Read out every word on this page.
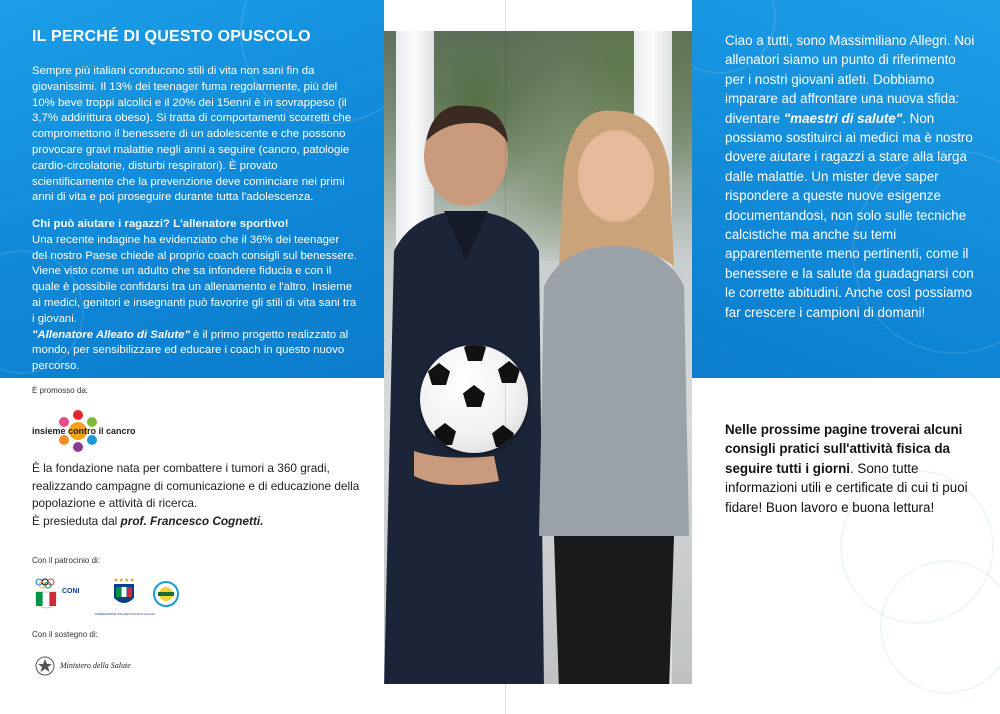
IL PERCHÉ DI QUESTO OPUSCOLO

Sempre più italiani conducono stili di vita non sani fin da giovanissimi. Il 13% dei teenager fuma regolarmente, più del 10% beve troppi alcolici e il 20% dei 15enni è in sovrappeso (il 3,7% addirittura obeso). Si tratta di comportamenti scorretti che compromettono il benessere di un adolescente e che possono provocare gravi malattie negli anni a seguire (cancro, patologie cardio-circolatorie, disturbi respiratori). È provato scientificamente che la prevenzione deve cominciare nei primi anni di vita e poi proseguire durante tutta l'adolescenza.

Chi può aiutare i ragazzi? L'allenatore sportivo!
Una recente indagine ha evidenziato che il 36% dei teenager del nostro Paese chiede al proprio coach consigli sul benessere. Viene visto come un adulto che sa infondere fiducia e con il quale è possibile confidarsi tra un allenamento e l'altro. Insieme ai medici, genitori e insegnanti può favorire gli stili di vita sani tra i giovani.
"Allenatore Alleato di Salute" è il primo progetto realizzato al mondo, per sensibilizzare ed educare i coach in questo nuovo percorso.

È promosso da:
insieme contro il cancro

È la fondazione nata per combattere i tumori a 360 gradi, realizzando campagne di comunicazione e di educazione della popolazione e attività di ricerca.
È presieduta dal prof. Francesco Cognetti.

Con il patrocinio di:
CONI
★★★★
FEDERAZIONE ITALIANA GIUOCO CALCIO
Con il sostegno di:
Ministero della Salute

Ciao a tutti, sono Massimiliano Allegri. Noi allenatori siamo un punto di riferimento per i nostri giovani atleti. Dobbiamo imparare ad affrontare una nuova sfida: diventare "maestri di salute". Non possiamo sostituirci ai medici ma è nostro dovere aiutare i ragazzi a stare alla larga dalle malattie. Un mister deve saper rispondere a queste nuove esigenze documentandosi, non solo sulle tecniche calcistiche ma anche su temi apparentemente meno pertinenti, come il benessere e la salute da guadagnarsi con le corrette abitudini. Anche così possiamo far crescere i campioni di domani!

Nelle prossime pagine troverai alcuni consigli pratici sull'attività fisica da seguire tutti i giorni. Sono tutte informazioni utili e certificate di cui ti puoi fidare! Buon lavoro e buona lettura!
